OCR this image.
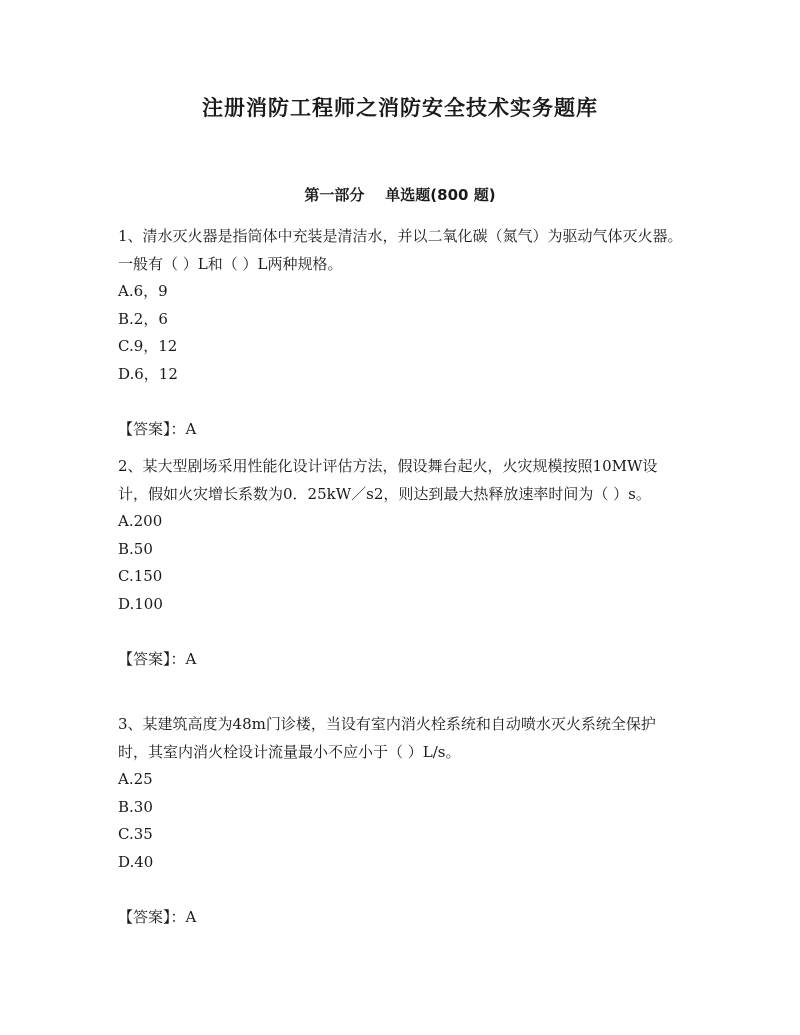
注册消防工程师之消防安全技术实务题库
第一部分    单选题(800 题)

1、清水灭火器是指筒体中充装是清洁水，并以二氧化碳（氮气）为驱动气体灭火器。一般有（ ）L和（ ）L两种规格。

A.6，9
B.2，6
C.9，12
D.6，12
【答案】：A

2、某大型剧场采用性能化设计评估方法，假设舞台起火，火灾规模按照10MW设计，假如火灾增长系数为0．25kW／s2，则达到最大热释放速率时间为（ ）s。

A.200
B.50
C.150
D.100
【答案】：A

3、某建筑高度为48m门诊楼，当设有室内消火栓系统和自动喷水灭火系统全保护时，其室内消火栓设计流量最小不应小于（ ）L/s。

A.25
B.30
C.35
D.40
【答案】：A
